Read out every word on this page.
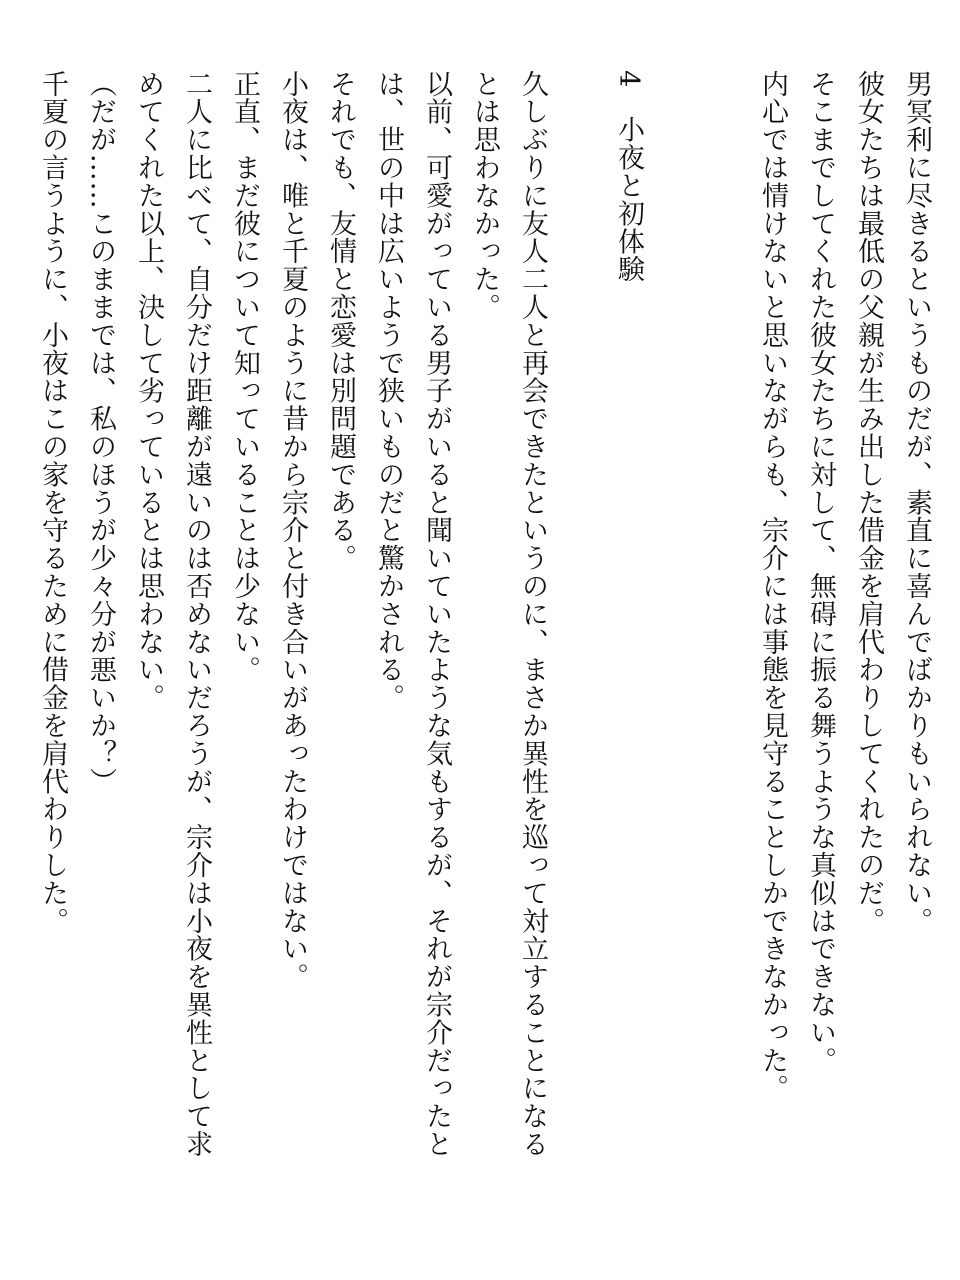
男冥利に尽きるというものだが、素直に喜んでばかりもいられない。
彼女たちは最低の父親が生み出した借金を肩代わりしてくれたのだ。
そこまでしてくれた彼女たちに対して、無碍に振る舞うような真似はできない。
内心では情けないと思いながらも、宗介には事態を見守ることしかできなかった。
4　小夜と初体験
久しぶりに友人二人と再会できたというのに、まさか異性を巡って対立することになる
とは思わなかった。
以前、可愛がっている男子がいると聞いていたような気もするが、それが宗介だったと
は、世の中は広いようで狭いものだと驚かされる。
それでも、友情と恋愛は別問題である。
小夜は、唯と千夏のように昔から宗介と付き合いがあったわけではない。
正直、まだ彼について知っていることは少ない。
二人に比べて、自分だけ距離が遠いのは否めないだろうが、宗介は小夜を異性として求
めてくれた以上、決して劣っているとは思わない。
（だが……このままでは、私のほうが少々分が悪いか？）
千夏の言うように、小夜はこの家を守るために借金を肩代わりした。
